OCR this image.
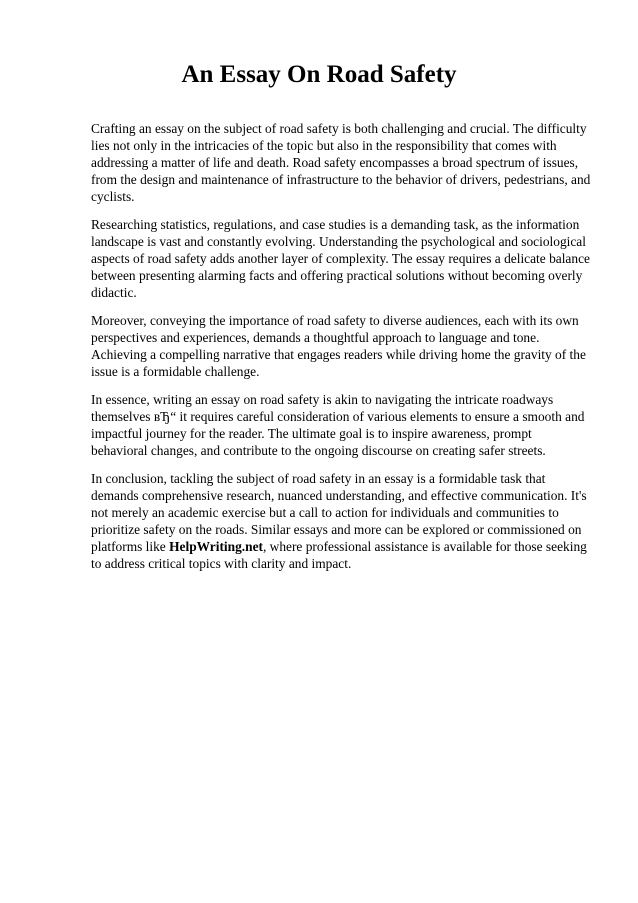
An Essay On Road Safety

Crafting an essay on the subject of road safety is both challenging and crucial. The difficulty lies not only in the intricacies of the topic but also in the responsibility that comes with addressing a matter of life and death. Road safety encompasses a broad spectrum of issues, from the design and maintenance of infrastructure to the behavior of drivers, pedestrians, and cyclists.

Researching statistics, regulations, and case studies is a demanding task, as the information landscape is vast and constantly evolving. Understanding the psychological and sociological aspects of road safety adds another layer of complexity. The essay requires a delicate balance between presenting alarming facts and offering practical solutions without becoming overly didactic.

Moreover, conveying the importance of road safety to diverse audiences, each with its own perspectives and experiences, demands a thoughtful approach to language and tone. Achieving a compelling narrative that engages readers while driving home the gravity of the issue is a formidable challenge.

In essence, writing an essay on road safety is akin to navigating the intricate roadways themselves вЂ“ it requires careful consideration of various elements to ensure a smooth and impactful journey for the reader. The ultimate goal is to inspire awareness, prompt behavioral changes, and contribute to the ongoing discourse on creating safer streets.

In conclusion, tackling the subject of road safety in an essay is a formidable task that demands comprehensive research, nuanced understanding, and effective communication. It's not merely an academic exercise but a call to action for individuals and communities to prioritize safety on the roads. Similar essays and more can be explored or commissioned on platforms like HelpWriting.net, where professional assistance is available for those seeking to address critical topics with clarity and impact.
